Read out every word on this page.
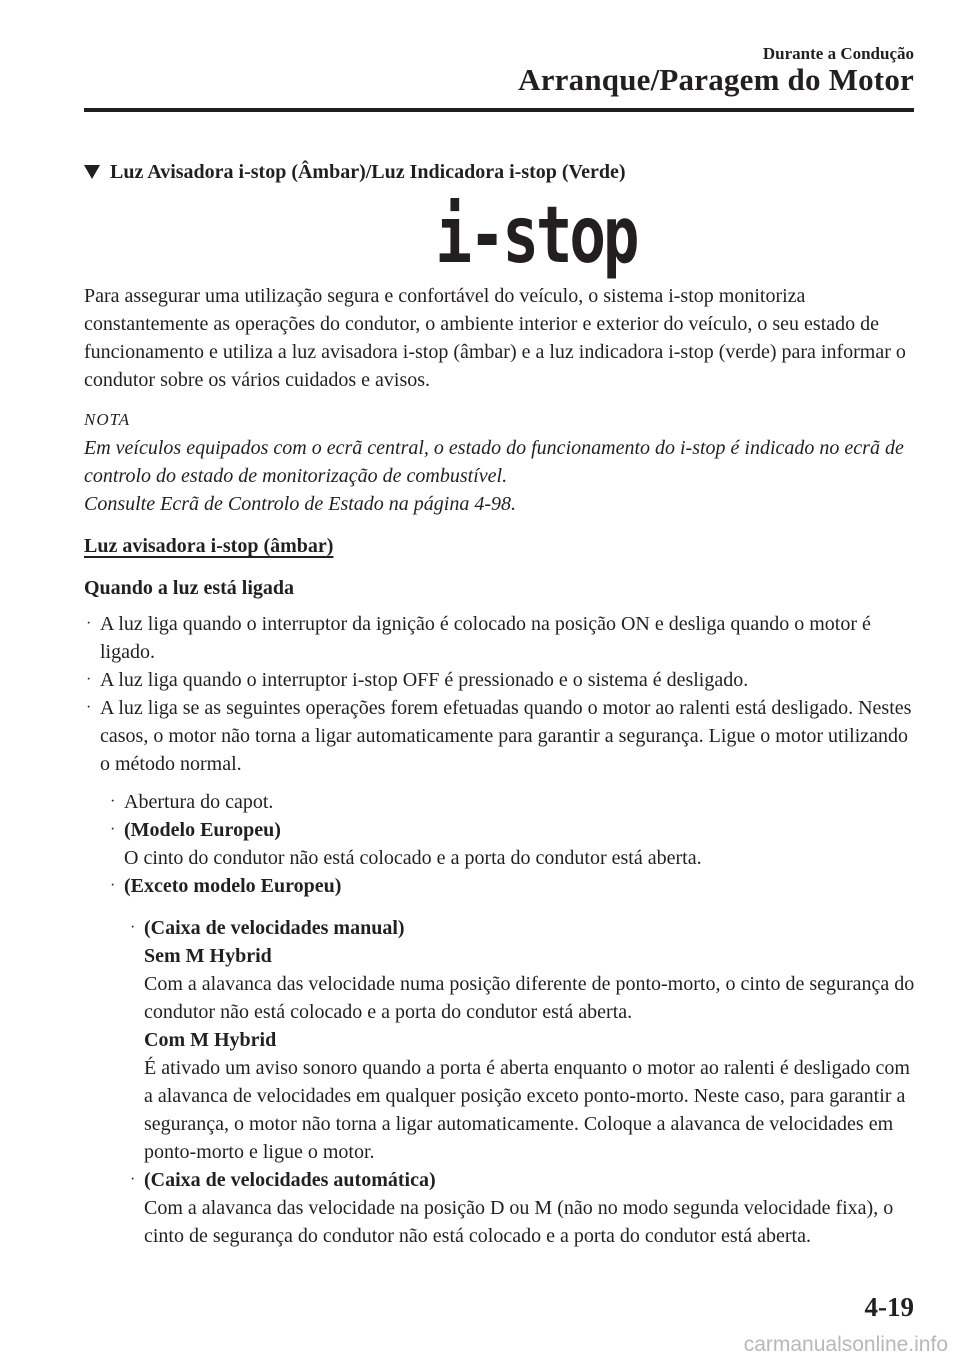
Durante a Condução
Arranque/Paragem do Motor
Luz Avisadora i-stop (Âmbar)/Luz Indicadora i-stop (Verde)
i-stop

Para assegurar uma utilização segura e confortável do veículo, o sistema i-stop monitoriza constantemente as operações do condutor, o ambiente interior e exterior do veículo, o seu estado de funcionamento e utiliza a luz avisadora i-stop (âmbar) e a luz indicadora i-stop (verde) para informar o condutor sobre os vários cuidados e avisos.

NOTA

Em veículos equipados com o ecrã central, o estado do funcionamento do i-stop é indicado no ecrã de controlo do estado de monitorização de combustível.

Consulte Ecrã de Controlo de Estado na página 4-98.

Luz avisadora i-stop (âmbar)
Quando a luz está ligada
· A luz liga quando o interruptor da ignição é colocado na posição ON e desliga quando o motor é ligado.
· A luz liga quando o interruptor i-stop OFF é pressionado e o sistema é desligado.
· A luz liga se as seguintes operações forem efetuadas quando o motor ao ralenti está desligado. Nestes casos, o motor não torna a ligar automaticamente para garantir a segurança. Ligue o motor utilizando o método normal.
· Abertura do capot.
· (Modelo Europeu)
O cinto do condutor não está colocado e a porta do condutor está aberta.
· (Exceto modelo Europeu)
· (Caixa de velocidades manual)
Sem M Hybrid
Com a alavanca das velocidade numa posição diferente de ponto-morto, o cinto de segurança do condutor não está colocado e a porta do condutor está aberta.
Com M Hybrid
É ativado um aviso sonoro quando a porta é aberta enquanto o motor ao ralenti é desligado com a alavanca de velocidades em qualquer posição exceto ponto-morto. Neste caso, para garantir a segurança, o motor não torna a ligar automaticamente. Coloque a alavanca de velocidades em ponto-morto e ligue o motor.
· (Caixa de velocidades automática)
Com a alavanca das velocidade na posição D ou M (não no modo segunda velocidade fixa), o cinto de segurança do condutor não está colocado e a porta do condutor está aberta.
4-19
carmanualsonline.info
